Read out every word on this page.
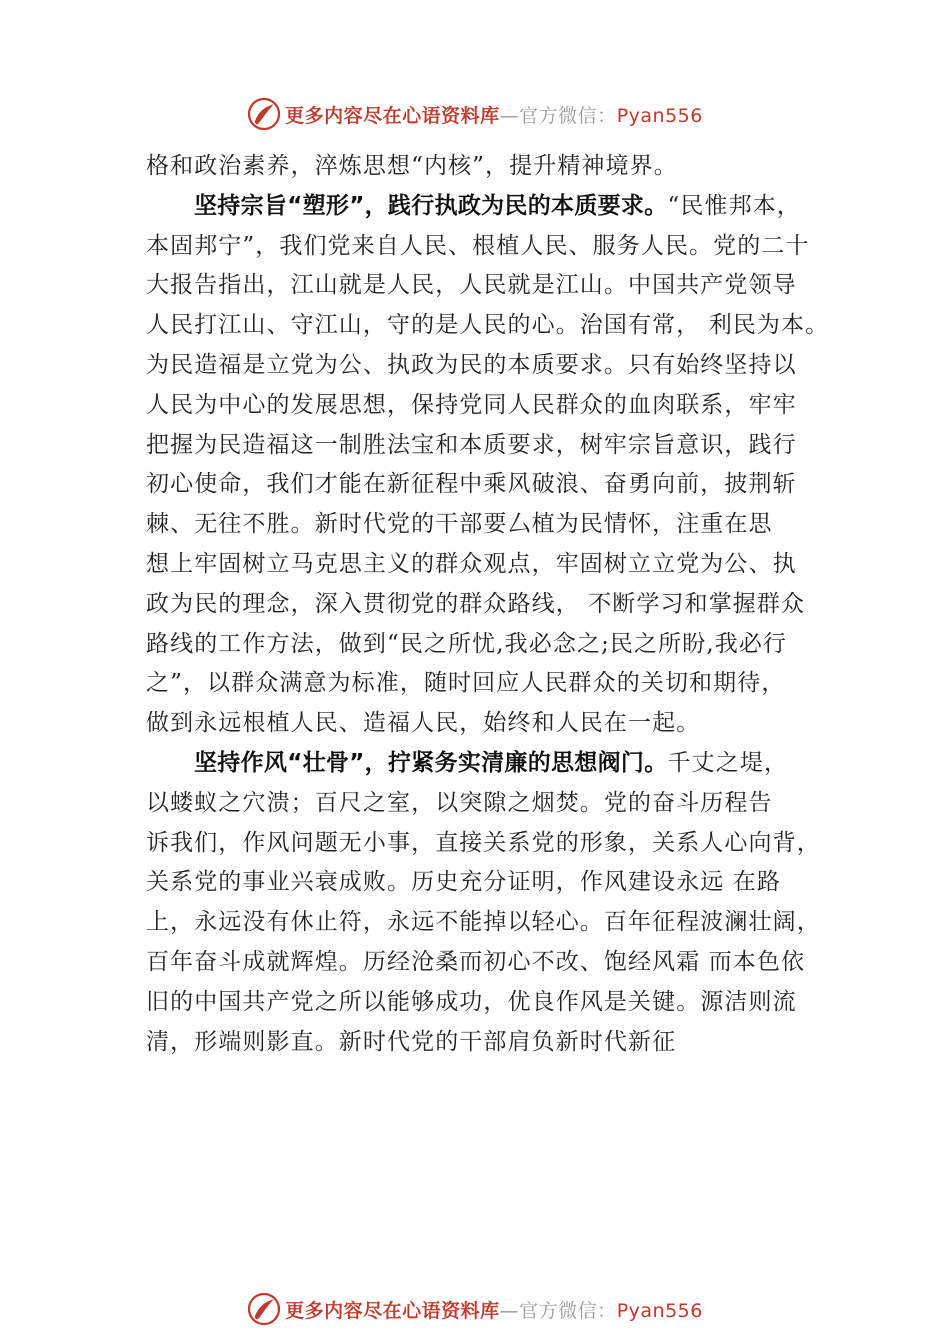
更多内容尽在心语资料库—官方微信：Pyan556
格和政治素养，淬炼思想“内核”，提升精神境界。
坚持宗旨“塑形”，践行执政为民的本质要求。“民惟邦本，
本固邦宁”，我们党来自人民、根植人民、服务人民。党的二十
大报告指出，江山就是人民，人民就是江山。中国共产党领导
人民打江山、守江山，守的是人民的心。治国有常， 利民为本。
为民造福是立党为公、执政为民的本质要求。只有始终坚持以
人民为中心的发展思想，保持党同人民群众的血肉联系，牢牢
把握为民造福这一制胜法宝和本质要求，树牢宗旨意识，践行
初心使命，我们才能在新征程中乘风破浪、奋勇向前，披荆斩
棘、无往不胜。新时代党的干部要厶植为民情怀，注重在思
想上牢固树立马克思主义的群众观点，牢固树立立党为公、执
政为民的理念，深入贯彻党的群众路线， 不断学习和掌握群众
路线的工作方法，做到“民之所忧,我必念之;民之所盼,我必行
之”，以群众满意为标准，随时回应人民群众的关切和期待，
做到永远根植人民、造福人民，始终和人民在一起。
坚持作风“壮骨”，拧紧务实清廉的思想阀门。千丈之堤，
以蝼蚁之穴溃；百尺之室，以突隙之烟焚。党的奋斗历程告
诉我们，作风问题无小事，直接关系党的形象，关系人心向背，
关系党的事业兴衰成败。历史充分证明，作风建设永远 在路
上，永远没有休止符，永远不能掉以轻心。百年征程波澜壮阔，
百年奋斗成就辉煌。历经沧桑而初心不改、饱经风霜 而本色依
旧的中国共产党之所以能够成功，优良作风是关键。源洁则流
清，形端则影直。新时代党的干部肩负新时代新征
更多内容尽在心语资料库—官方微信：Pyan556
